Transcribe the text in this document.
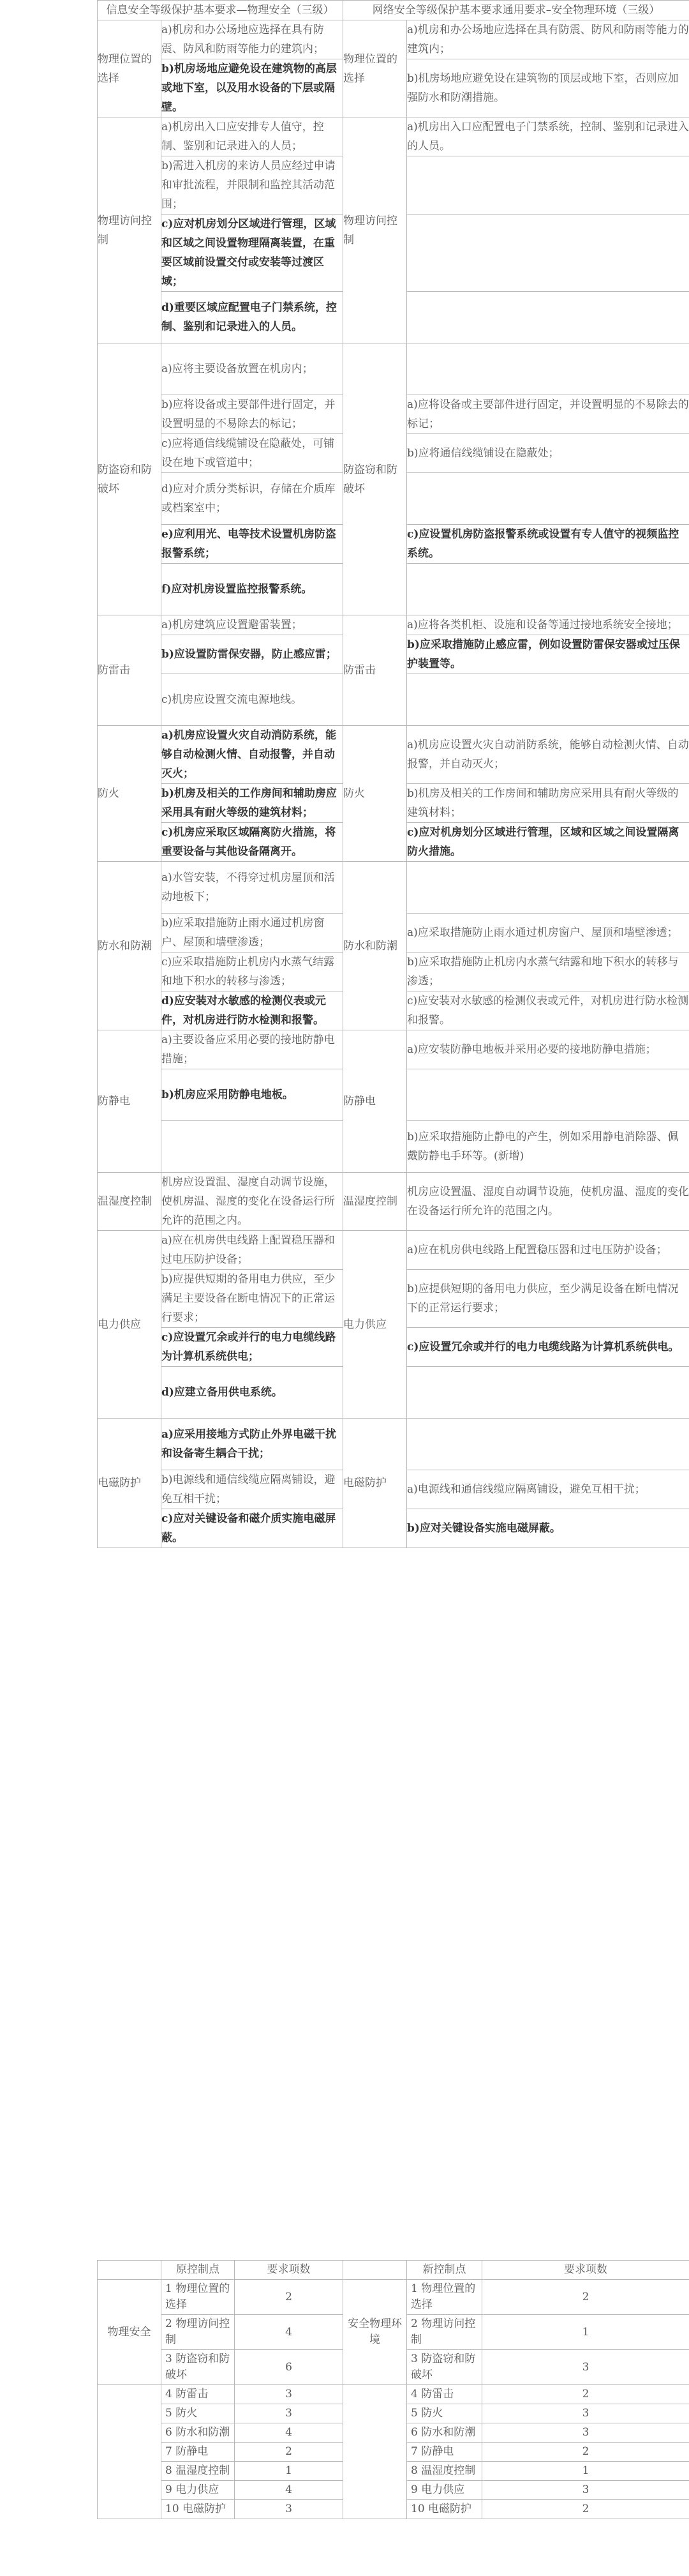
信息安全等级保护基本要求—物理安全（三级）		网络安全等级保护基本要求通用要求–安全物理环境（三级）	
物理位置的选择	a)机房和办公场地应选择在具有防震、防风和防雨等能力的建筑内；	物理位置的选择	a)机房和办公场地应选择在具有防震、防风和防雨等能力的建筑内；
	b)机房场地应避免设在建筑物的高层或地下室，以及用水设备的下层或隔壁。		b)机房场地应避免设在建筑物的顶层或地下室，否则应加强防水和防潮措施。
物理访问控制	a)机房出入口应安排专人值守，控制、鉴别和记录进入的人员；	物理访问控制	a)机房出入口应配置电子门禁系统，控制、鉴别和记录进入的人员。
	b)需进入机房的来访人员应经过申请和审批流程，并限制和监控其活动范围；		
	c)应对机房划分区域进行管理，区域和区域之间设置物理隔离装置，在重要区域前设置交付或安装等过渡区域；		
	d)重要区域应配置电子门禁系统，控制、鉴别和记录进入的人员。		
防盗窃和防破坏	a)应将主要设备放置在机房内；	防盗窃和防破坏	
	b)应将设备或主要部件进行固定，并设置明显的不易除去的标记；		a)应将设备或主要部件进行固定，并设置明显的不易除去的标记；
	c)应将通信线缆铺设在隐蔽处，可铺设在地下或管道中；		b)应将通信线缆铺设在隐蔽处；
	d)应对介质分类标识，存储在介质库或档案室中；		
	e)应利用光、电等技术设置机房防盗报警系统；		c)应设置机房防盗报警系统或设置有专人值守的视频监控系统。
	f)应对机房设置监控报警系统。		
防雷击	a)机房建筑应设置避雷装置；	防雷击	a)应将各类机柜、设施和设备等通过接地系统安全接地；
	b)应设置防雷保安器，防止感应雷；		b)应采取措施防止感应雷，例如设置防雷保安器或过压保护装置等。
	c)机房应设置交流电源地线。		
防火	a)机房应设置火灾自动消防系统，能够自动检测火情、自动报警，并自动灭火；	防火	a)机房应设置火灾自动消防系统，能够自动检测火情、自动报警，并自动灭火；
	b)机房及相关的工作房间和辅助房应采用具有耐火等级的建筑材料；		b)机房及相关的工作房间和辅助房应采用具有耐火等级的建筑材料；
	c)机房应采取区域隔离防火措施，将重要设备与其他设备隔离开。		c)应对机房划分区域进行管理，区域和区域之间设置隔离防火措施。
防水和防潮	a)水管安装，不得穿过机房屋顶和活动地板下；	防水和防潮	
	b)应采取措施防止雨水通过机房窗户、屋顶和墙壁渗透；		a)应采取措施防止雨水通过机房窗户、屋顶和墙壁渗透；
	c)应采取措施防止机房内水蒸气结露和地下积水的转移与渗透；		b)应采取措施防止机房内水蒸气结露和地下积水的转移与渗透；
	d)应安装对水敏感的检测仪表或元件，对机房进行防水检测和报警。		c)应安装对水敏感的检测仪表或元件，对机房进行防水检测和报警。
防静电	a)主要设备应采用必要的接地防静电措施；	防静电	a)应安装防静电地板并采用必要的接地防静电措施；
	b)机房应采用防静电地板。		
			b)应采取措施防止静电的产生，例如采用静电消除器、佩戴防静电手环等。(新增)
温湿度控制	机房应设置温、湿度自动调节设施，使机房温、湿度的变化在设备运行所允许的范围之内。	温湿度控制	机房应设置温、湿度自动调节设施，使机房温、湿度的变化在设备运行所允许的范围之内。
电力供应	a)应在机房供电线路上配置稳压器和过电压防护设备；	电力供应	a)应在机房供电线路上配置稳压器和过电压防护设备；
	b)应提供短期的备用电力供应，至少满足主要设备在断电情况下的正常运行要求；		b)应提供短期的备用电力供应，至少满足设备在断电情况下的正常运行要求；
	c)应设置冗余或并行的电力电缆线路为计算机系统供电；		c)应设置冗余或并行的电力电缆线路为计算机系统供电。
	d)应建立备用供电系统。		
电磁防护	a)应采用接地方式防止外界电磁干扰和设备寄生耦合干扰；	电磁防护	
	b)电源线和通信线缆应隔离铺设，避免互相干扰；		a)电源线和通信线缆应隔离铺设，避免互相干扰；
	c)应对关键设备和磁介质实施电磁屏蔽。		b)应对关键设备实施电磁屏蔽。
	原控制点	要求项数		新控制点	要求项数
物理安全	1 物理位置的选择	2	安全物理环境	1 物理位置的选择	2
	2 物理访问控制	4		2 物理访问控制	1
	3 防盗窃和防破坏	6		3 防盗窃和防破坏	3
	4 防雷击	3		4 防雷击	2
	5 防火	3		5 防火	3
	6 防水和防潮	4		6 防水和防潮	3
	7 防静电	2		7 防静电	2
	8 温湿度控制	1		8 温湿度控制	1
	9 电力供应	4		9 电力供应	3
	10 电磁防护	3		10 电磁防护	2
